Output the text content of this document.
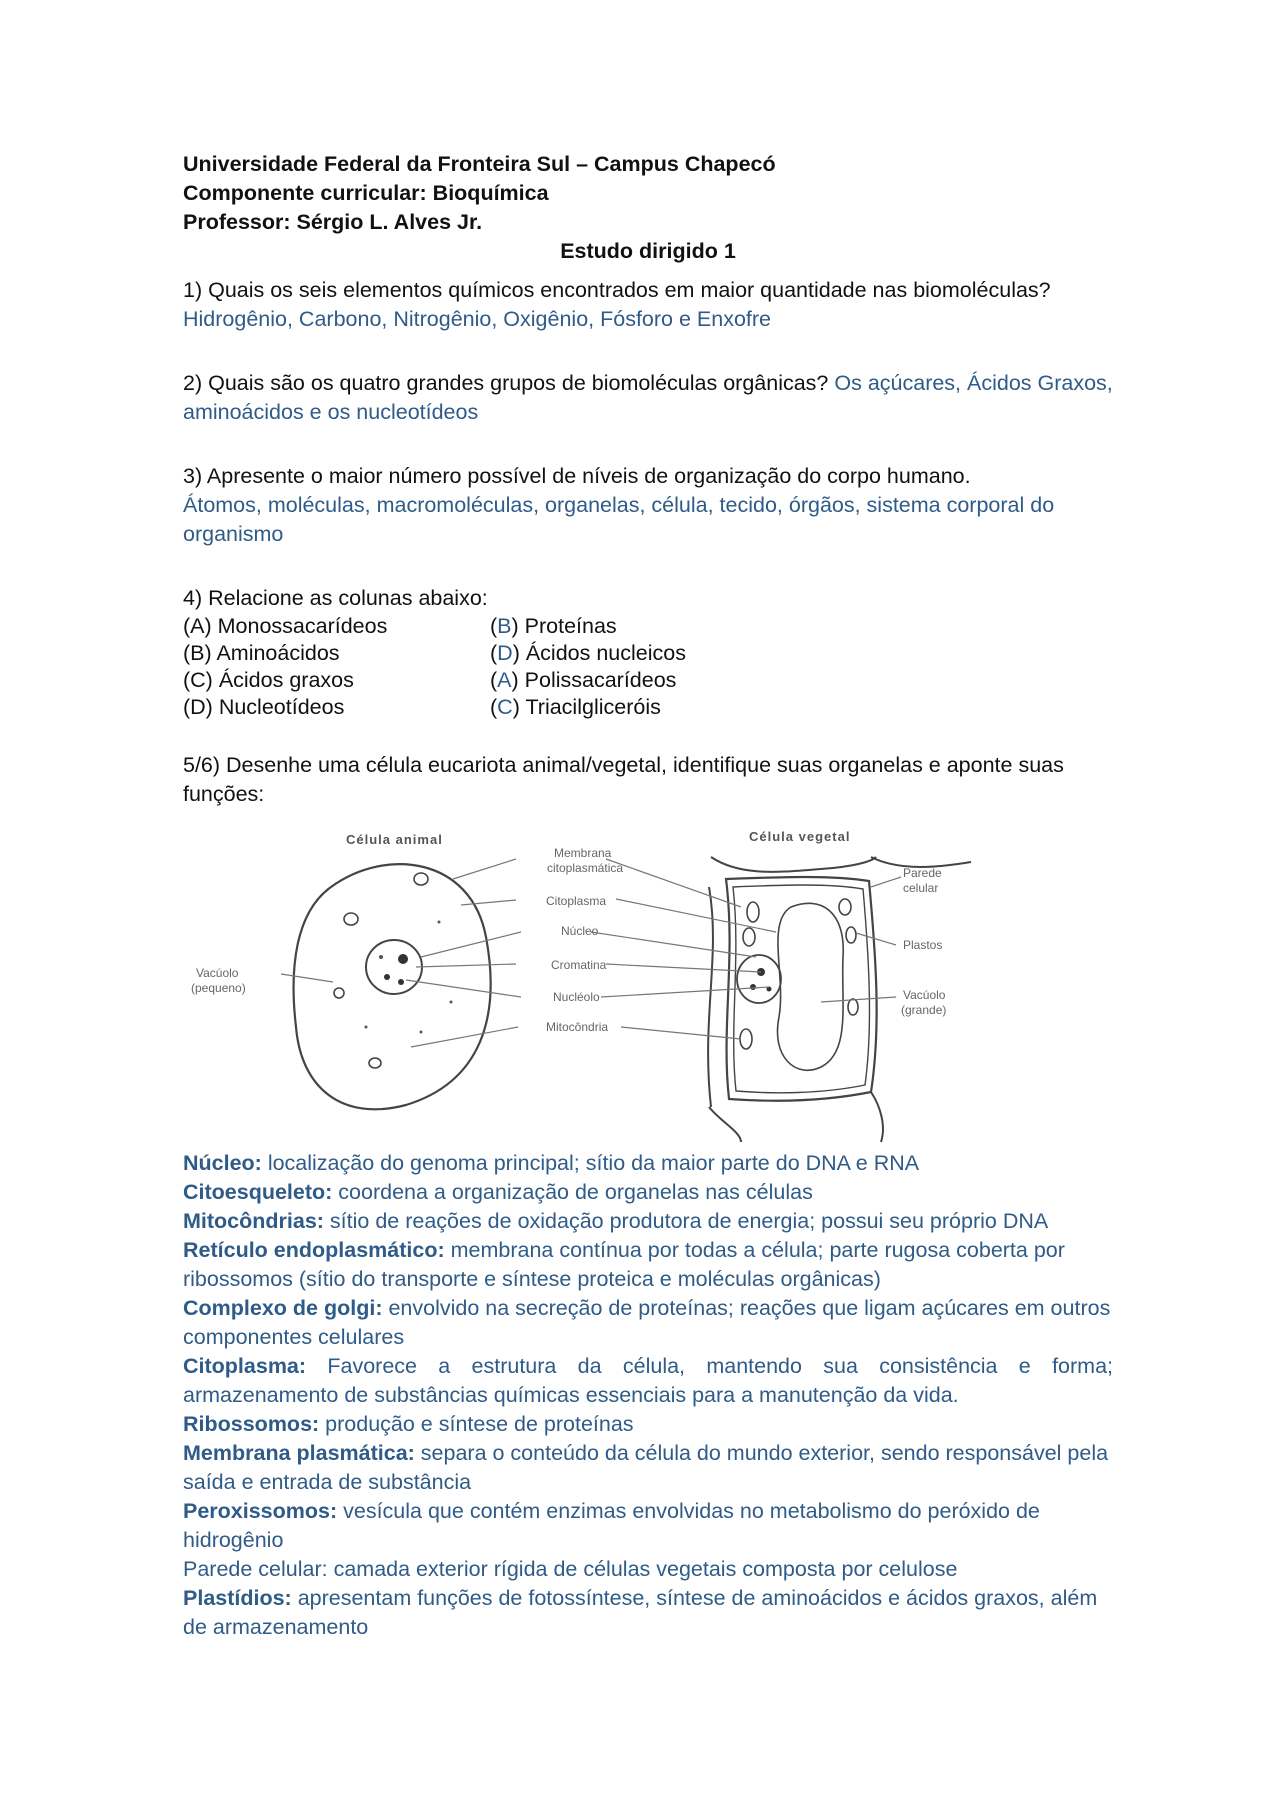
Universidade Federal da Fronteira Sul – Campus Chapecó
Componente curricular: Bioquímica
Professor: Sérgio L. Alves Jr.
Estudo dirigido 1
1) Quais os seis elementos químicos encontrados em maior quantidade nas biomoléculas? Hidrogênio, Carbono, Nitrogênio, Oxigênio, Fósforo e Enxofre
2) Quais são os quatro grandes grupos de biomoléculas orgânicas? Os açúcares, Ácidos Graxos, aminoácidos e os nucleotídeos
3) Apresente o maior número possível de níveis de organização do corpo humano.
Átomos, moléculas, macromoléculas, organelas, célula, tecido, órgãos, sistema corporal do organismo
4) Relacione as colunas abaixo:
(A) Monossacarídeos	(B) Proteínas
(B) Aminoácidos	(D) Ácidos nucleicos
(C) Ácidos graxos	(A) Polissacarídeos
(D) Nucleotídeos	(C) Triacilgliceróis
5/6) Desenhe uma célula eucariota animal/vegetal, identifique suas organelas e aponte suas funções:
Célula animal	Célula vegetal
Membrana
citoplasmática
Citoplasma
Núcleo
Cromatina
Nucléolo
Mitocôndria
Vacúolo
(pequeno)
Parede
celular
Plastos
Vacúolo
(grande)
Núcleo: localização do genoma principal; sítio da maior parte do DNA e RNA
Citoesqueleto: coordena a organização de organelas nas células
Mitocôndrias: sítio de reações de oxidação produtora de energia; possui seu próprio DNA
Retículo endoplasmático: membrana contínua por todas a célula; parte rugosa coberta por ribossomos (sítio do transporte e síntese proteica e moléculas orgânicas)
Complexo de golgi: envolvido na secreção de proteínas; reações que ligam açúcares em outros componentes celulares
Citoplasma: Favorece a estrutura da célula, mantendo sua consistência e forma; armazenamento de substâncias químicas essenciais para a manutenção da vida.
Ribossomos: produção e síntese de proteínas
Membrana plasmática: separa o conteúdo da célula do mundo exterior, sendo responsável pela saída e entrada de substância
Peroxissomos: vesícula que contém enzimas envolvidas no metabolismo do peróxido de hidrogênio
Parede celular: camada exterior rígida de células vegetais composta por celulose
Plastídios: apresentam funções de fotossíntese, síntese de aminoácidos e ácidos graxos, além de armazenamento
